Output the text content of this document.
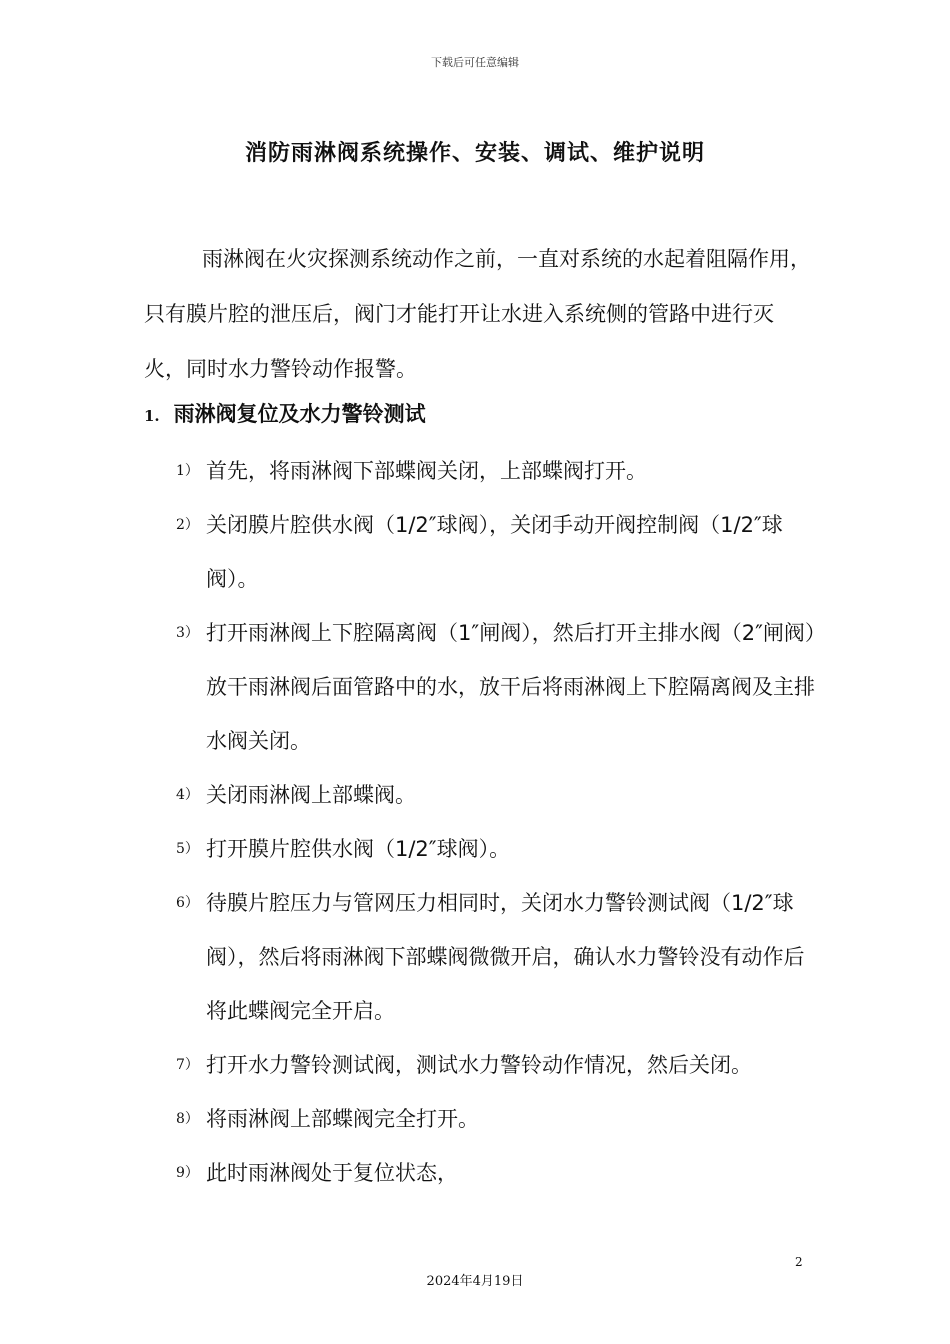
下载后可任意编辑
消防雨淋阀系统操作、安装、调试、维护说明

雨淋阀在火灾探测系统动作之前，一直对系统的水起着阻隔作用，只有膜片腔的泄压后，阀门才能打开让水进入系统侧的管路中进行灭火，同时水力警铃动作报警。

1. 雨淋阀复位及水力警铃测试
1） 首先，将雨淋阀下部蝶阀关闭，上部蝶阀打开。
2） 关闭膜片腔供水阀（1/2″球阀），关闭手动开阀控制阀（1/2″球阀）。
3） 打开雨淋阀上下腔隔离阀（1″闸阀），然后打开主排水阀（2″闸阀）放干雨淋阀后面管路中的水，放干后将雨淋阀上下腔隔离阀及主排水阀关闭。
4） 关闭雨淋阀上部蝶阀。
5） 打开膜片腔供水阀（1/2″球阀）。
6） 待膜片腔压力与管网压力相同时，关闭水力警铃测试阀（1/2″球阀），然后将雨淋阀下部蝶阀微微开启，确认水力警铃没有动作后将此蝶阀完全开启。
7） 打开水力警铃测试阀，测试水力警铃动作情况，然后关闭。
8） 将雨淋阀上部蝶阀完全打开。
9） 此时雨淋阀处于复位状态，
2
2024年4月19日
